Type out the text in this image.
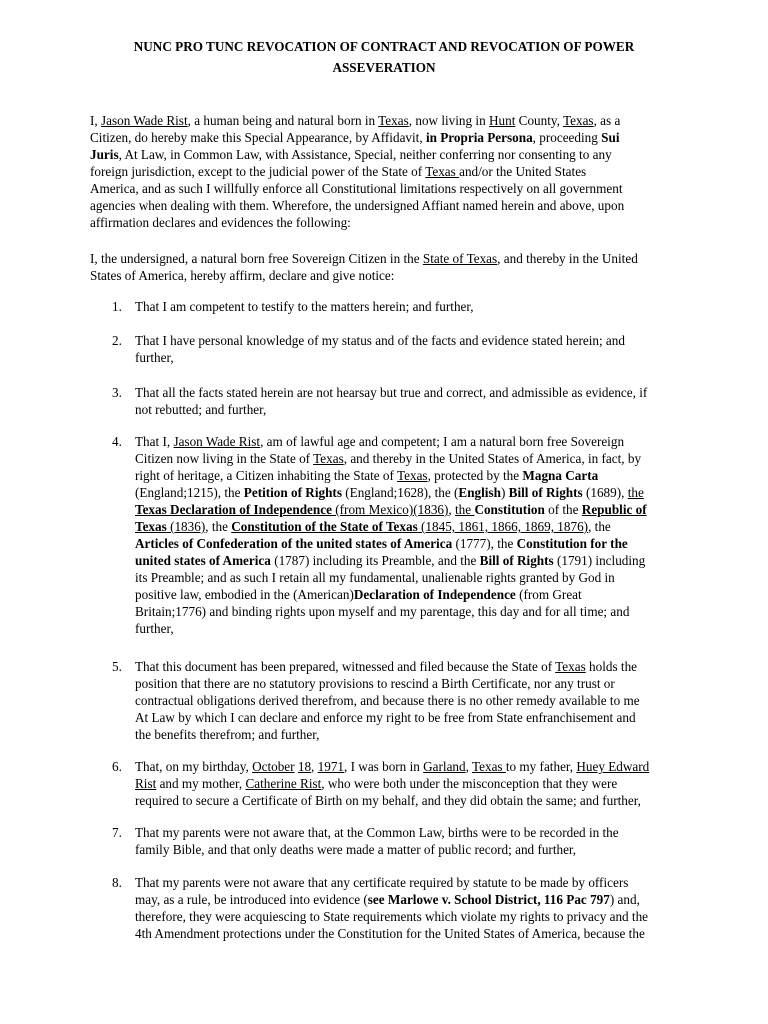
NUNC PRO TUNC REVOCATION OF CONTRACT AND REVOCATION OF POWER
ASSEVERATION
I, Jason Wade Rist, a human being and natural born in Texas, now living in Hunt County, Texas, as a
Citizen, do hereby make this Special Appearance, by Affidavit, in Propria Persona, proceeding Sui
Juris, At Law, in Common Law, with Assistance, Special, neither conferring nor consenting to any
foreign jurisdiction, except to the judicial power of the State of Texas and/or the United States
America, and as such I willfully enforce all Constitutional limitations respectively on all government
agencies when dealing with them. Wherefore, the undersigned Affiant named herein and above, upon
affirmation declares and evidences the following:
I, the undersigned, a natural born free Sovereign Citizen in the State of Texas, and thereby in the United
States of America, hereby affirm, declare and give notice:
1. That I am competent to testify to the matters herein; and further,
2. That I have personal knowledge of my status and of the facts and evidence stated herein; and
further,
3. That all the facts stated herein are not hearsay but true and correct, and admissible as evidence, if
not rebutted; and further,
4. That I, Jason Wade Rist, am of lawful age and competent; I am a natural born free Sovereign
Citizen now living in the State of Texas, and thereby in the United States of America, in fact, by
right of heritage, a Citizen inhabiting the State of Texas, protected by the Magna Carta
(England;1215), the Petition of Rights (England;1628), the (English) Bill of Rights (1689), the
Texas Declaration of Independence (from Mexico)(1836), the Constitution of the Republic of
Texas (1836), the Constitution of the State of Texas (1845, 1861, 1866, 1869, 1876), the
Articles of Confederation of the united states of America (1777), the Constitution for the
united states of America (1787) including its Preamble, and the Bill of Rights (1791) including
its Preamble; and as such I retain all my fundamental, unalienable rights granted by God in
positive law, embodied in the (American)Declaration of Independence (from Great
Britain;1776) and binding rights upon myself and my parentage, this day and for all time; and
further,
5. That this document has been prepared, witnessed and filed because the State of Texas holds the
position that there are no statutory provisions to rescind a Birth Certificate, nor any trust or
contractual obligations derived therefrom, and because there is no other remedy available to me
At Law by which I can declare and enforce my right to be free from State enfranchisement and
the benefits therefrom; and further,
6. That, on my birthday, October 18, 1971, I was born in Garland, Texas to my father, Huey Edward
Rist and my mother, Catherine Rist, who were both under the misconception that they were
required to secure a Certificate of Birth on my behalf, and they did obtain the same; and further,
7. That my parents were not aware that, at the Common Law, births were to be recorded in the
family Bible, and that only deaths were made a matter of public record; and further,
8. That my parents were not aware that any certificate required by statute to be made by officers
may, as a rule, be introduced into evidence (see Marlowe v. School District, 116 Pac 797) and,
therefore, they were acquiescing to State requirements which violate my rights to privacy and the
4th Amendment protections under the Constitution for the United States of America, because the
